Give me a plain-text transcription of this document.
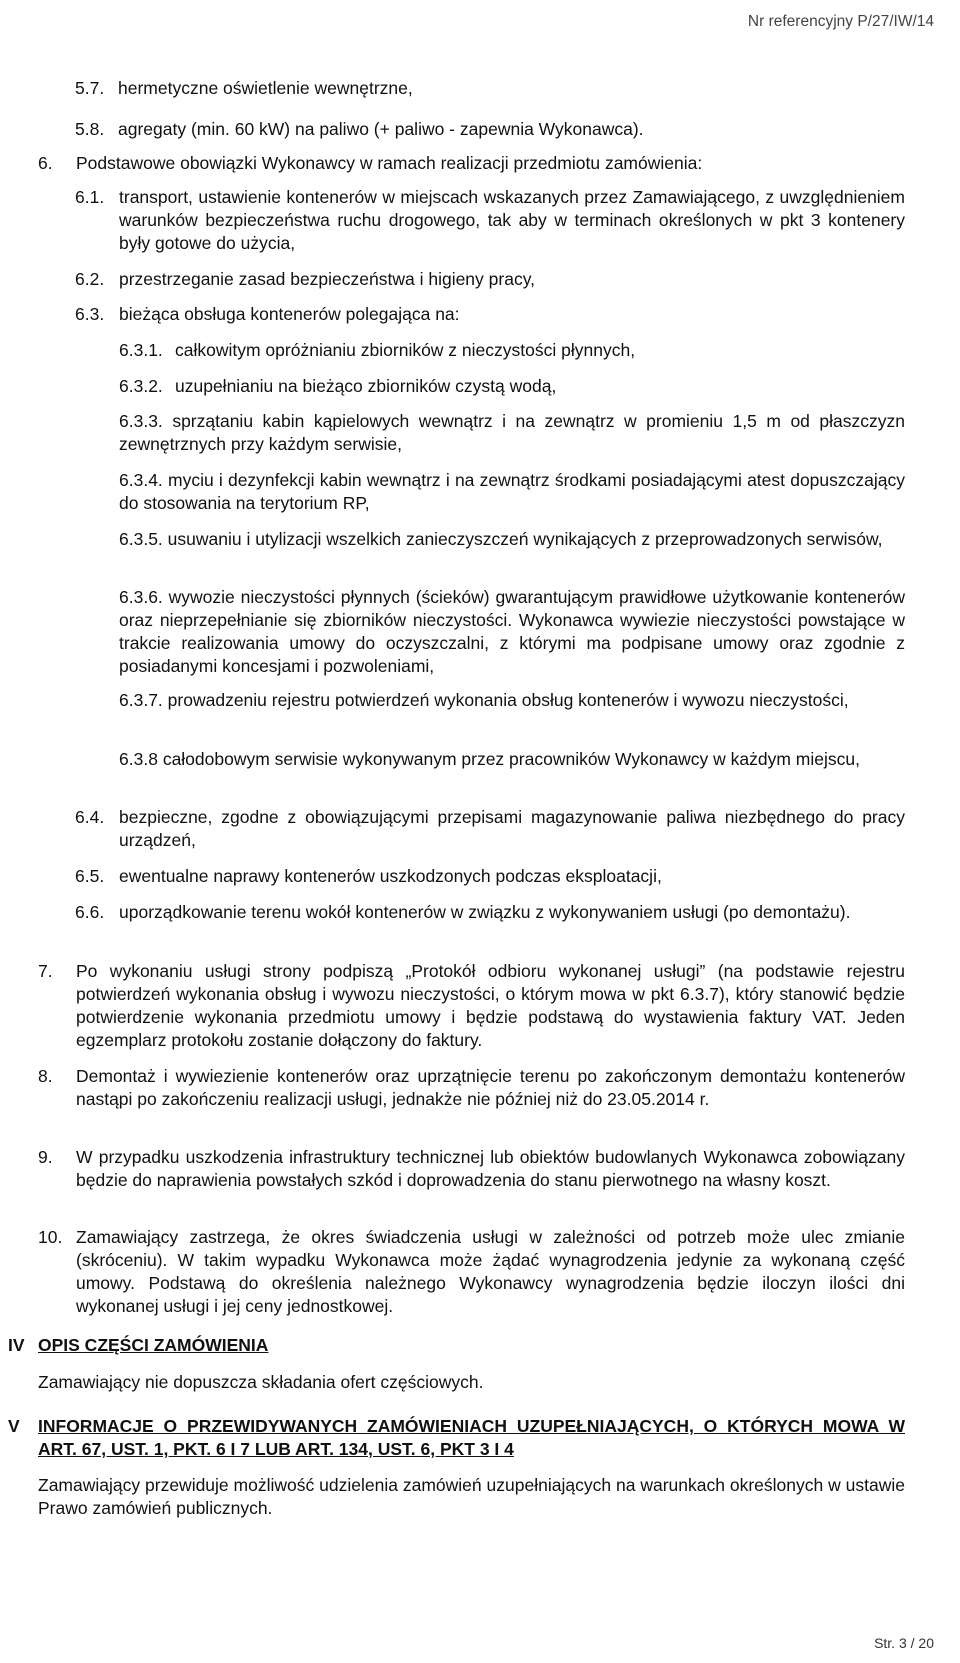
Nr referencyjny P/27/IW/14
5.7. hermetyczne oświetlenie wewnętrzne,
5.8. agregaty (min. 60 kW) na paliwo (+ paliwo - zapewnia Wykonawca).
6.	Podstawowe obowiązki Wykonawcy w ramach realizacji przedmiotu zamówienia:
6.1. transport, ustawienie kontenerów w miejscach wskazanych przez Zamawiającego, z uwzględnieniem warunków bezpieczeństwa ruchu drogowego, tak aby w terminach określonych w pkt 3 kontenery były gotowe do użycia,
6.2. przestrzeganie zasad bezpieczeństwa i higieny pracy,
6.3. bieżąca obsługa kontenerów polegająca na:
6.3.1. całkowitym opróżnianiu zbiorników z nieczystości płynnych,
6.3.2. uzupełnianiu na bieżąco zbiorników czystą wodą,
6.3.3. sprzątaniu kabin kąpielowych wewnątrz i na zewnątrz w promieniu 1,5 m od płaszczyzn zewnętrznych przy każdym serwisie,
6.3.4. myciu i dezynfekcji kabin wewnątrz i na zewnątrz środkami posiadającymi atest dopuszczający do stosowania na terytorium RP,
6.3.5. usuwaniu i utylizacji wszelkich zanieczyszczeń wynikających z przeprowadzonych serwisów,
6.3.6. wywozie nieczystości płynnych (ścieków) gwarantującym prawidłowe użytkowanie kontenerów oraz nieprzepełnianie się zbiorników nieczystości. Wykonawca wywiezie nieczystości powstające w trakcie realizowania umowy do oczyszczalni, z którymi ma podpisane umowy oraz zgodnie z posiadanymi koncesjami i pozwoleniami,
6.3.7. prowadzeniu rejestru potwierdzeń wykonania obsług kontenerów i wywozu nieczystości,
6.3.8 całodobowym serwisie wykonywanym przez pracowników Wykonawcy w każdym miejscu,
6.4. bezpieczne, zgodne z obowiązującymi przepisami magazynowanie paliwa niezbędnego do pracy urządzeń,
6.5. ewentualne naprawy kontenerów uszkodzonych podczas eksploatacji,
6.6. uporządkowanie terenu wokół kontenerów w związku z wykonywaniem usługi (po demontażu).
7.	Po wykonaniu usługi strony podpiszą „Protokół odbioru wykonanej usługi” (na podstawie rejestru potwierdzeń wykonania obsług i wywozu nieczystości, o którym mowa w pkt 6.3.7), który stanowić będzie potwierdzenie wykonania przedmiotu umowy i będzie podstawą do wystawienia faktury VAT. Jeden egzemplarz protokołu zostanie dołączony do faktury.
8.	Demontaż i wywiezienie kontenerów oraz uprzątnięcie terenu po zakończonym demontażu kontenerów nastąpi po zakończeniu realizacji usługi, jednakże nie później niż do 23.05.2014 r.
9.	W przypadku uszkodzenia infrastruktury technicznej lub obiektów budowlanych Wykonawca zobowiązany będzie do naprawienia powstałych szkód i doprowadzenia do stanu pierwotnego na własny koszt.
10. Zamawiający zastrzega, że okres świadczenia usługi w zależności od potrzeb może ulec zmianie (skróceniu). W takim wypadku Wykonawca może żądać wynagrodzenia jedynie za wykonaną część umowy. Podstawą do określenia należnego Wykonawcy wynagrodzenia będzie iloczyn ilości dni wykonanej usługi i jej ceny jednostkowej.
IV OPIS CZĘŚCI ZAMÓWIENIA
Zamawiający nie dopuszcza składania ofert częściowych.
V INFORMACJE O PRZEWIDYWANYCH ZAMÓWIENIACH UZUPEŁNIAJĄCYCH, O KTÓRYCH MOWA W ART. 67, UST. 1, PKT. 6 I 7 LUB ART. 134, UST. 6, PKT 3 I 4
Zamawiający przewiduje możliwość udzielenia zamówień uzupełniających na warunkach określonych w ustawie Prawo zamówień publicznych.
Str. 3 / 20
